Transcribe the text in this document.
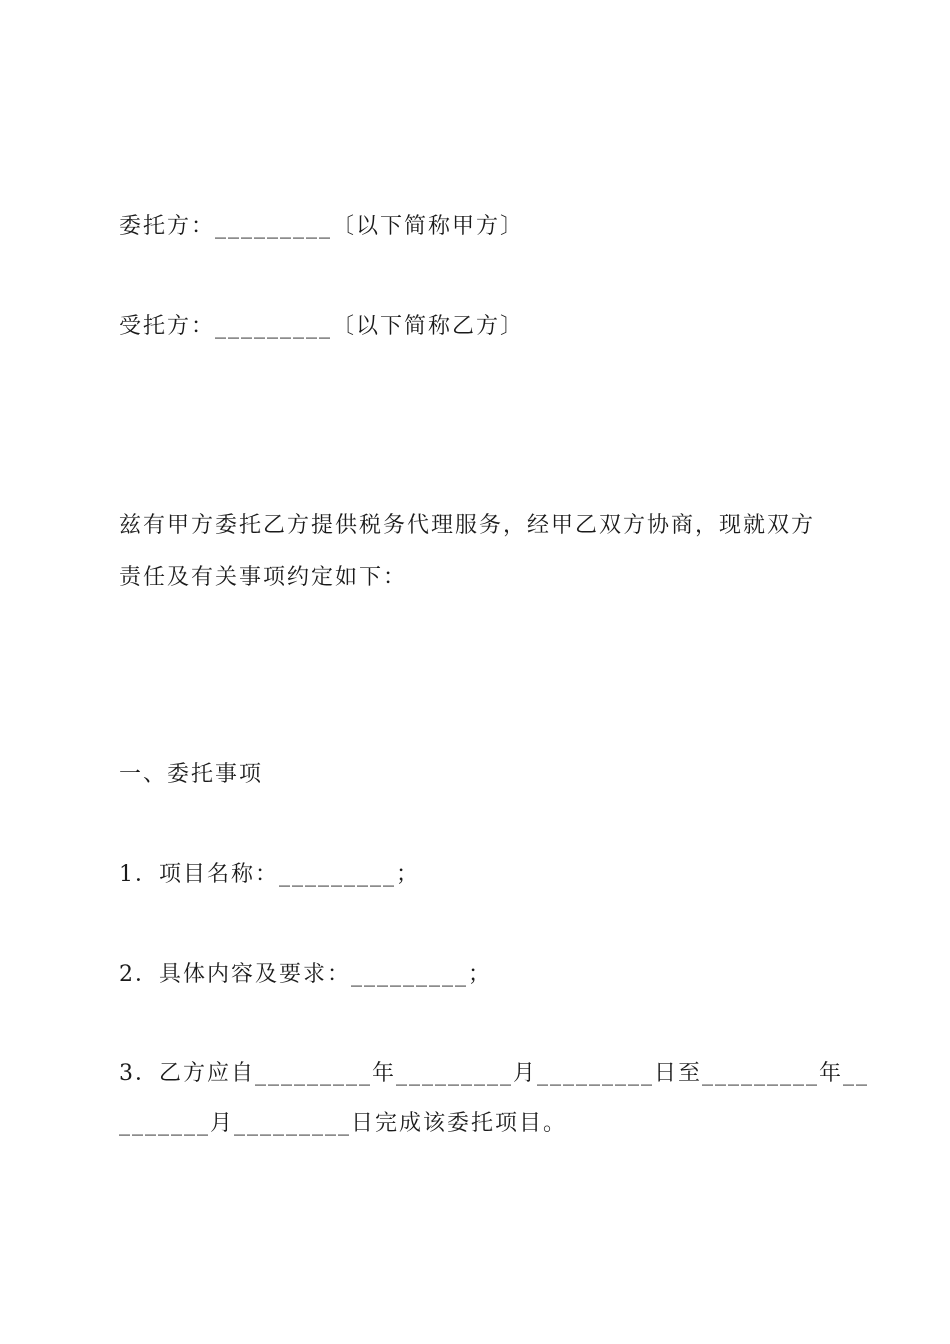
委托方：_________〔以下简称甲方〕
受托方：_________〔以下简称乙方〕
兹有甲方委托乙方提供税务代理服务，经甲乙双方协商，现就双方
责任及有关事项约定如下：
一、委托事项
1．项目名称：_________；
2．具体内容及要求：_________；
3．乙方应自_________年_________月_________日至_________年__
_______月_________日完成该委托项目。
